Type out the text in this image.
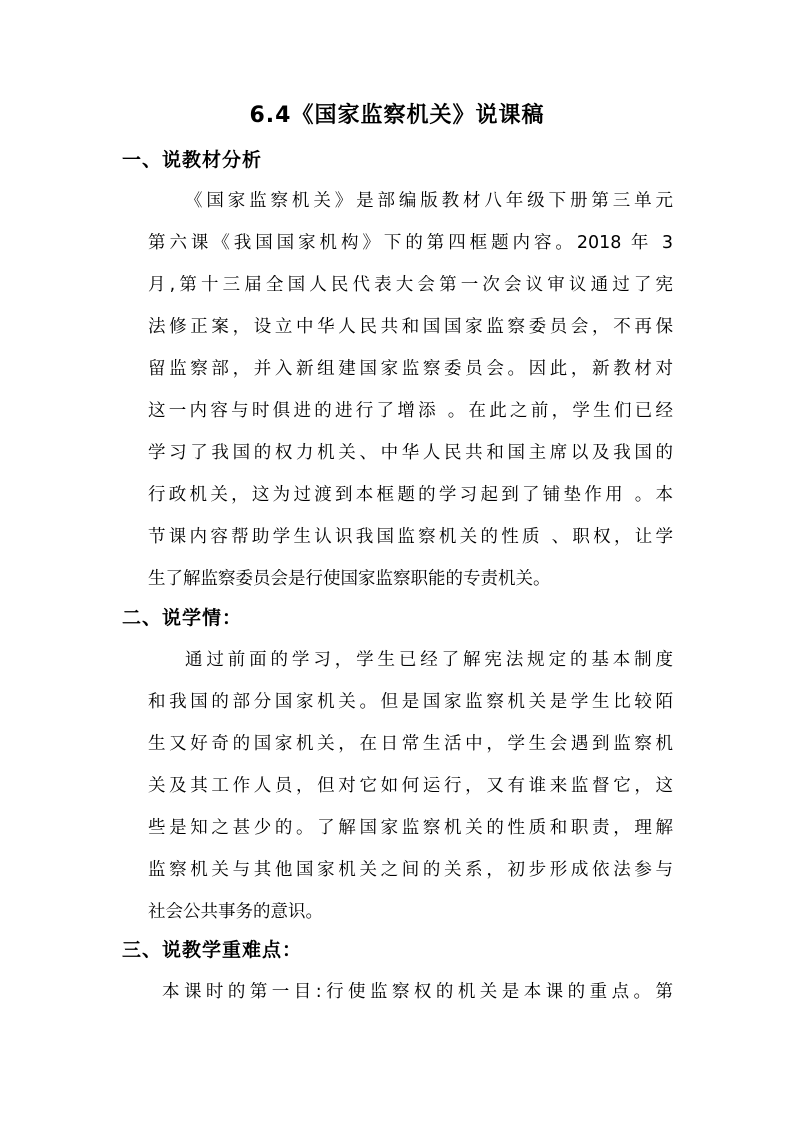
6.4《国家监察机关》说课稿
一、说教材分析
《国家监察机关》是部编版教材八年级下册第三单元
第六课《我国国家机构》下的第四框题内容。2018 年 3
月,第十三届全国人民代表大会第一次会议审议通过了宪
法修正案，设立中华人民共和国国家监察委员会，不再保
留监察部，并入新组建国家监察委员会。因此，新教材对
这一内容与时俱进的进行了增添 。在此之前，学生们已经
学习了我国的权力机关、中华人民共和国主席以及我国的
行政机关，这为过渡到本框题的学习起到了铺垫作用 。本
节课内容帮助学生认识我国监察机关的性质 、职权，让学
生了解监察委员会是行使国家监察职能的专责机关。
二、说学情：
通过前面的学习，学生已经了解宪法规定的基本制度
和我国的部分国家机关。但是国家监察机关是学生比较陌
生又好奇的国家机关，在日常生活中，学生会遇到监察机
关及其工作人员，但对它如何运行，又有谁来监督它，这
些是知之甚少的。了解国家监察机关的性质和职责，理解
监察机关与其他国家机关之间的关系，初步形成依法参与
社会公共事务的意识。
三、说教学重难点：
本课时的第一目:行使监察权的机关是本课的重点。第
